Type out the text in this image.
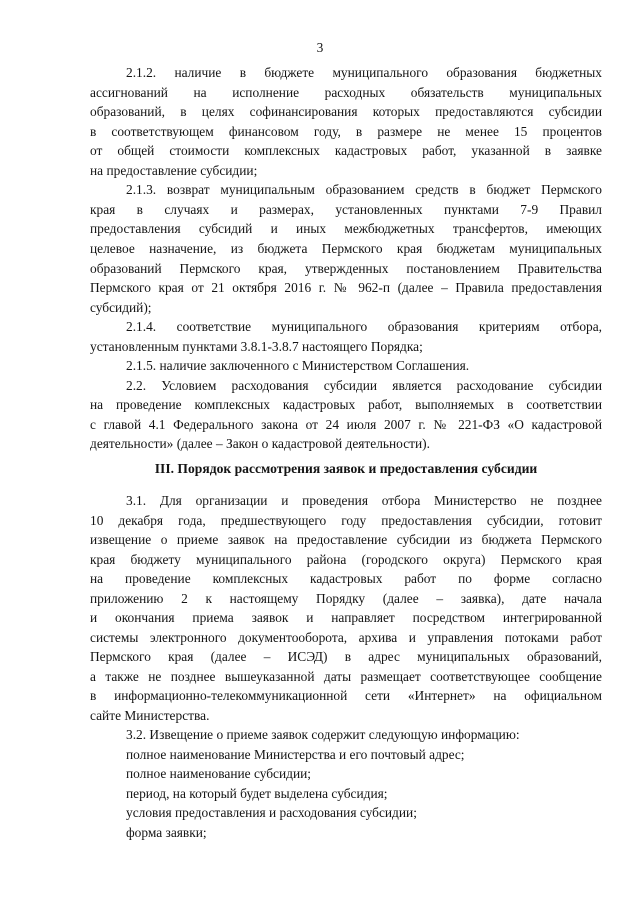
3
2.1.2. наличие в бюджете муниципального образования бюджетных
ассигнований на исполнение расходных обязательств муниципальных
образований, в целях софинансирования которых предоставляются субсидии
в соответствующем финансовом году, в размере не менее 15 процентов
от общей стоимости комплексных кадастровых работ, указанной в заявке
на предоставление субсидии;
2.1.3. возврат муниципальным образованием средств в бюджет Пермского
края в случаях и размерах, установленных пунктами 7-9 Правил
предоставления субсидий и иных межбюджетных трансфертов, имеющих
целевое назначение, из бюджета Пермского края бюджетам муниципальных
образований Пермского края, утвержденных постановлением Правительства
Пермского края от 21 октября 2016 г. № 962-п (далее – Правила предоставления
субсидий);
2.1.4. соответствие муниципального образования критериям отбора,
установленным пунктами 3.8.1-3.8.7 настоящего Порядка;
2.1.5. наличие заключенного с Министерством Соглашения.
2.2. Условием расходования субсидии является расходование субсидии
на проведение комплексных кадастровых работ, выполняемых в соответствии
с главой 4.1 Федерального закона от 24 июля 2007 г. № 221-ФЗ «О кадастровой
деятельности» (далее – Закон о кадастровой деятельности).
III. Порядок рассмотрения заявок и предоставления субсидии
3.1. Для организации и проведения отбора Министерство не позднее
10 декабря года, предшествующего году предоставления субсидии, готовит
извещение о приеме заявок на предоставление субсидии из бюджета Пермского
края бюджету муниципального района (городского округа) Пермского края
на проведение комплексных кадастровых работ по форме согласно
приложению 2 к настоящему Порядку (далее – заявка), дате начала
и окончания приема заявок и направляет посредством интегрированной
системы электронного документооборота, архива и управления потоками работ
Пермского края (далее – ИСЭД) в адрес муниципальных образований,
а также не позднее вышеуказанной даты размещает соответствующее сообщение
в информационно-телекоммуникационной сети «Интернет» на официальном
сайте Министерства.
3.2. Извещение о приеме заявок содержит следующую информацию:
полное наименование Министерства и его почтовый адрес;
полное наименование субсидии;
период, на который будет выделена субсидия;
условия предоставления и расходования субсидии;
форма заявки;
